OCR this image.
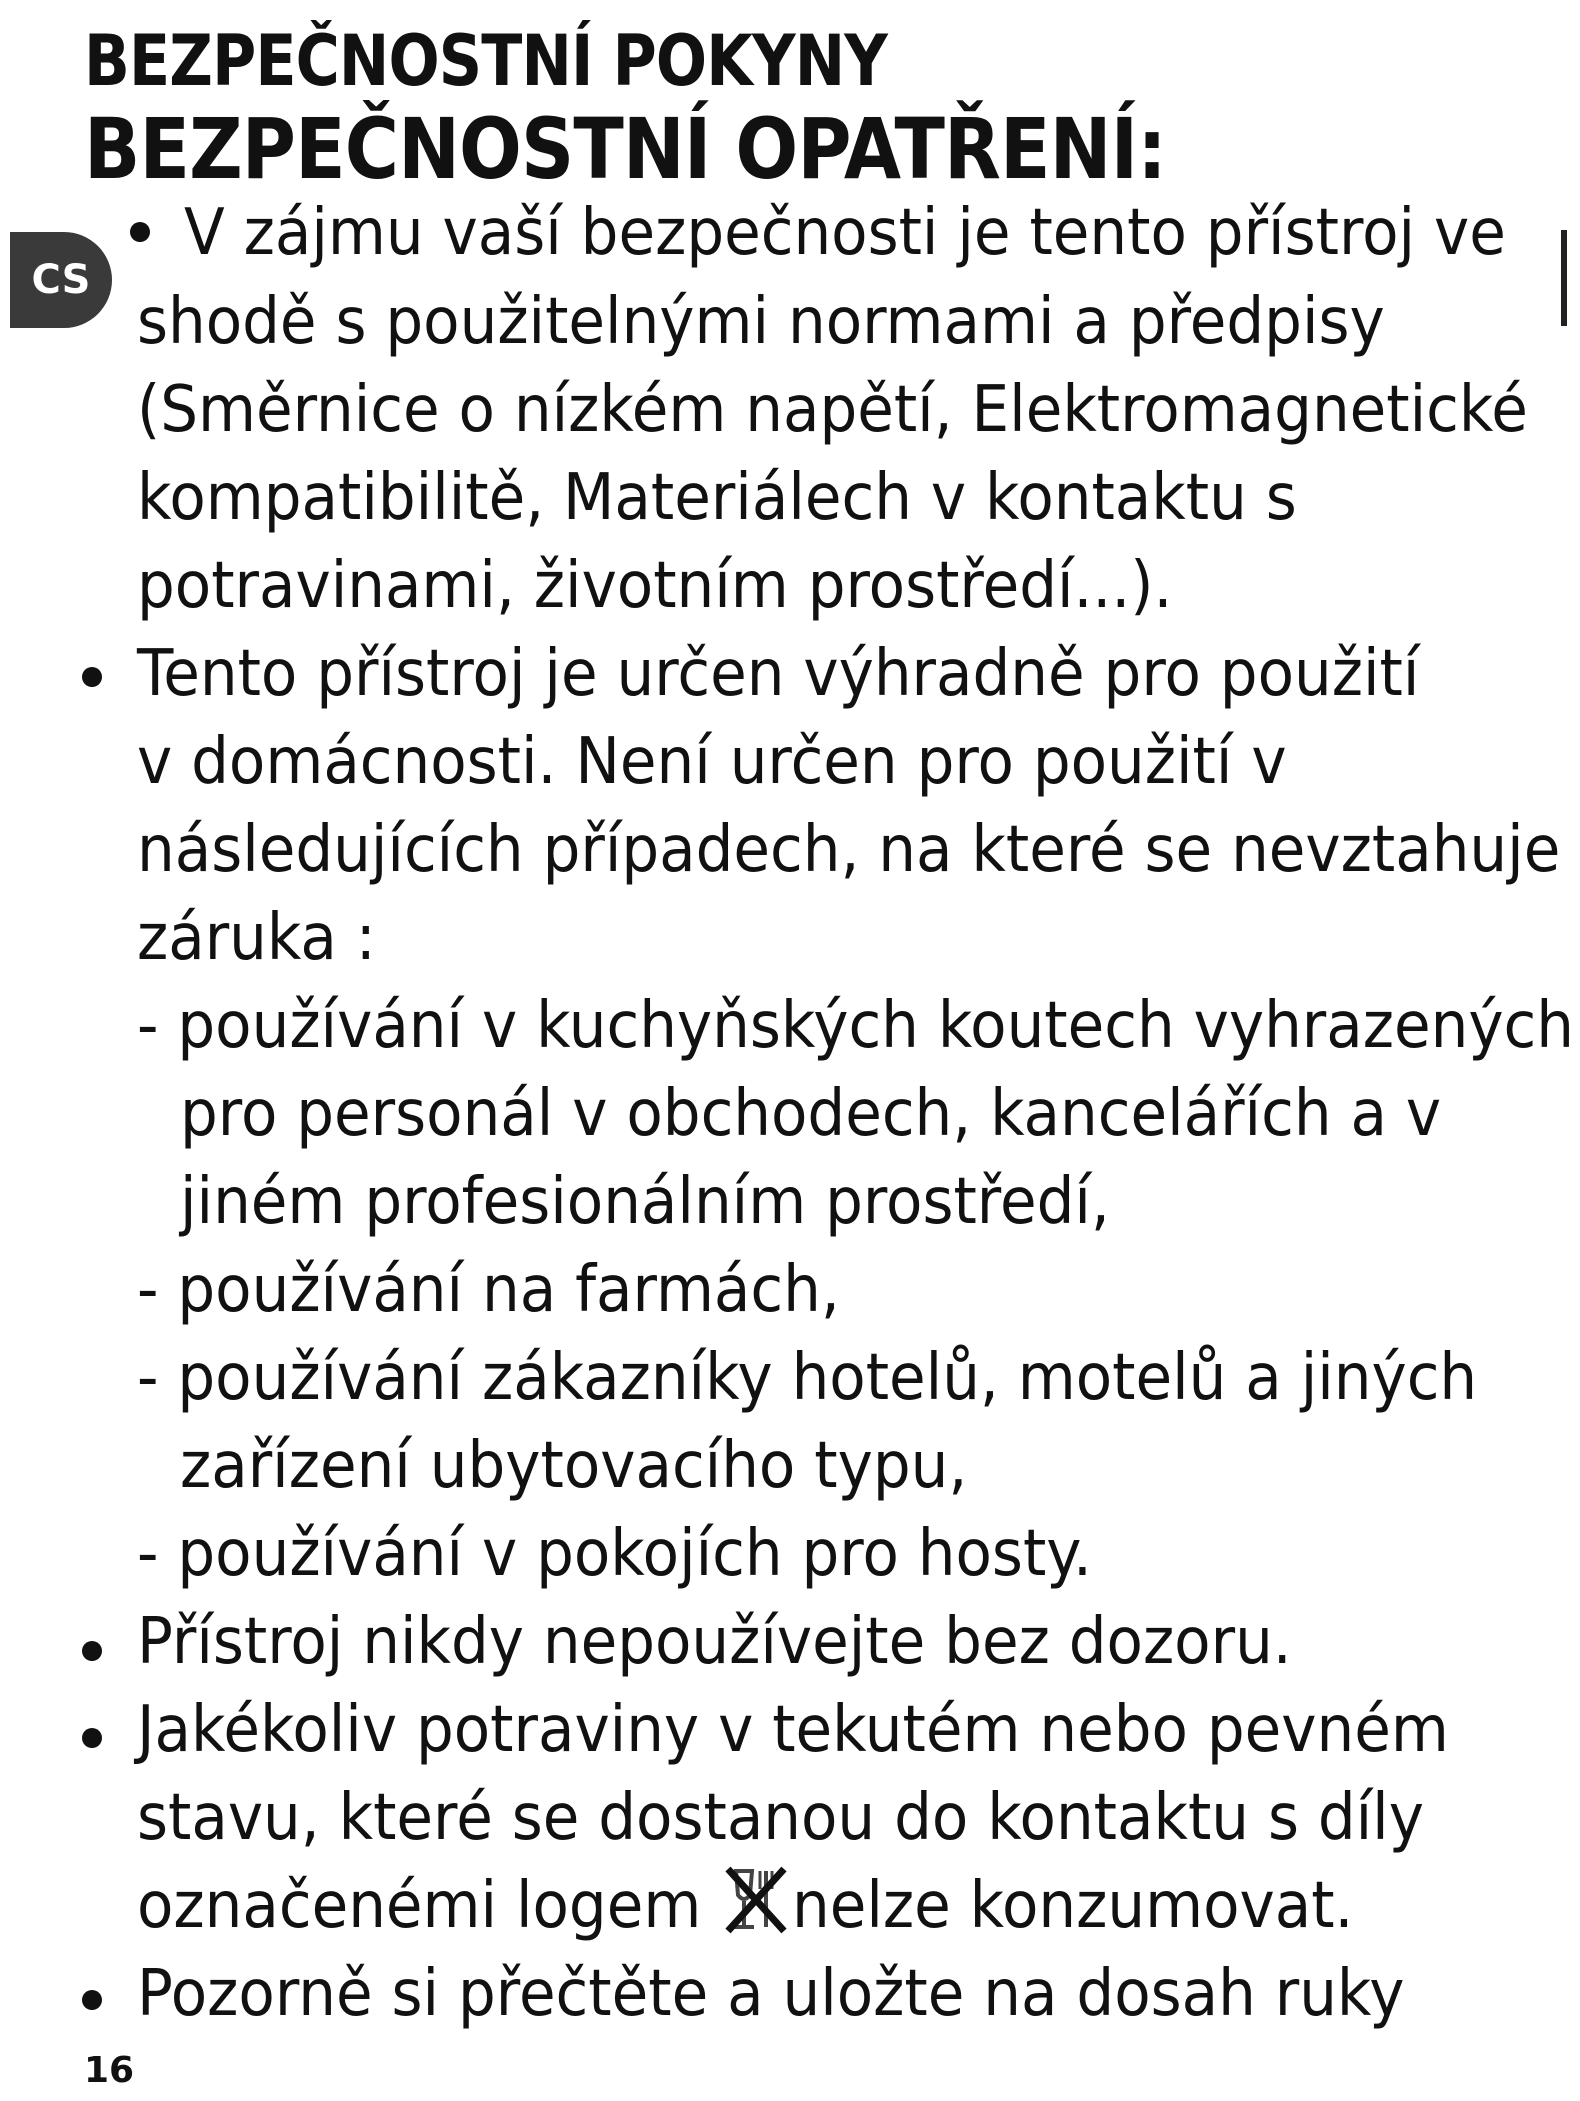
BEZPEČNOSTNÍ POKYNY
BEZPEČNOSTNÍ OPATŘENÍ:
CS

V zájmu vaší bezpečnosti je tento přístroj ve

shodě s použitelnými normami a předpisy

(Směrnice o nízkém napětí, Elektromagnetické

kompatibilitě, Materiálech v kontaktu s

potravinami, životním prostředí...).

Tento přístroj je určen výhradně pro použití

v domácnosti. Není určen pro použití v

následujících případech, na které se nevztahuje

záruka :

- používání v kuchyňských koutech vyhrazených

pro personál v obchodech, kancelářích a v

jiném profesionálním prostředí,

- používání na farmách,

- používání zákazníky hotelů, motelů a jiných

zařízení ubytovacího typu,

- používání v pokojích pro hosty.

Přístroj nikdy nepoužívejte bez dozoru.

Jakékoliv potraviny v tekutém nebo pevném

stavu, které se dostanou do kontaktu s díly

označenémi logem nelze konzumovat.

Pozorně si přečtěte a uložte na dosah ruky

16
